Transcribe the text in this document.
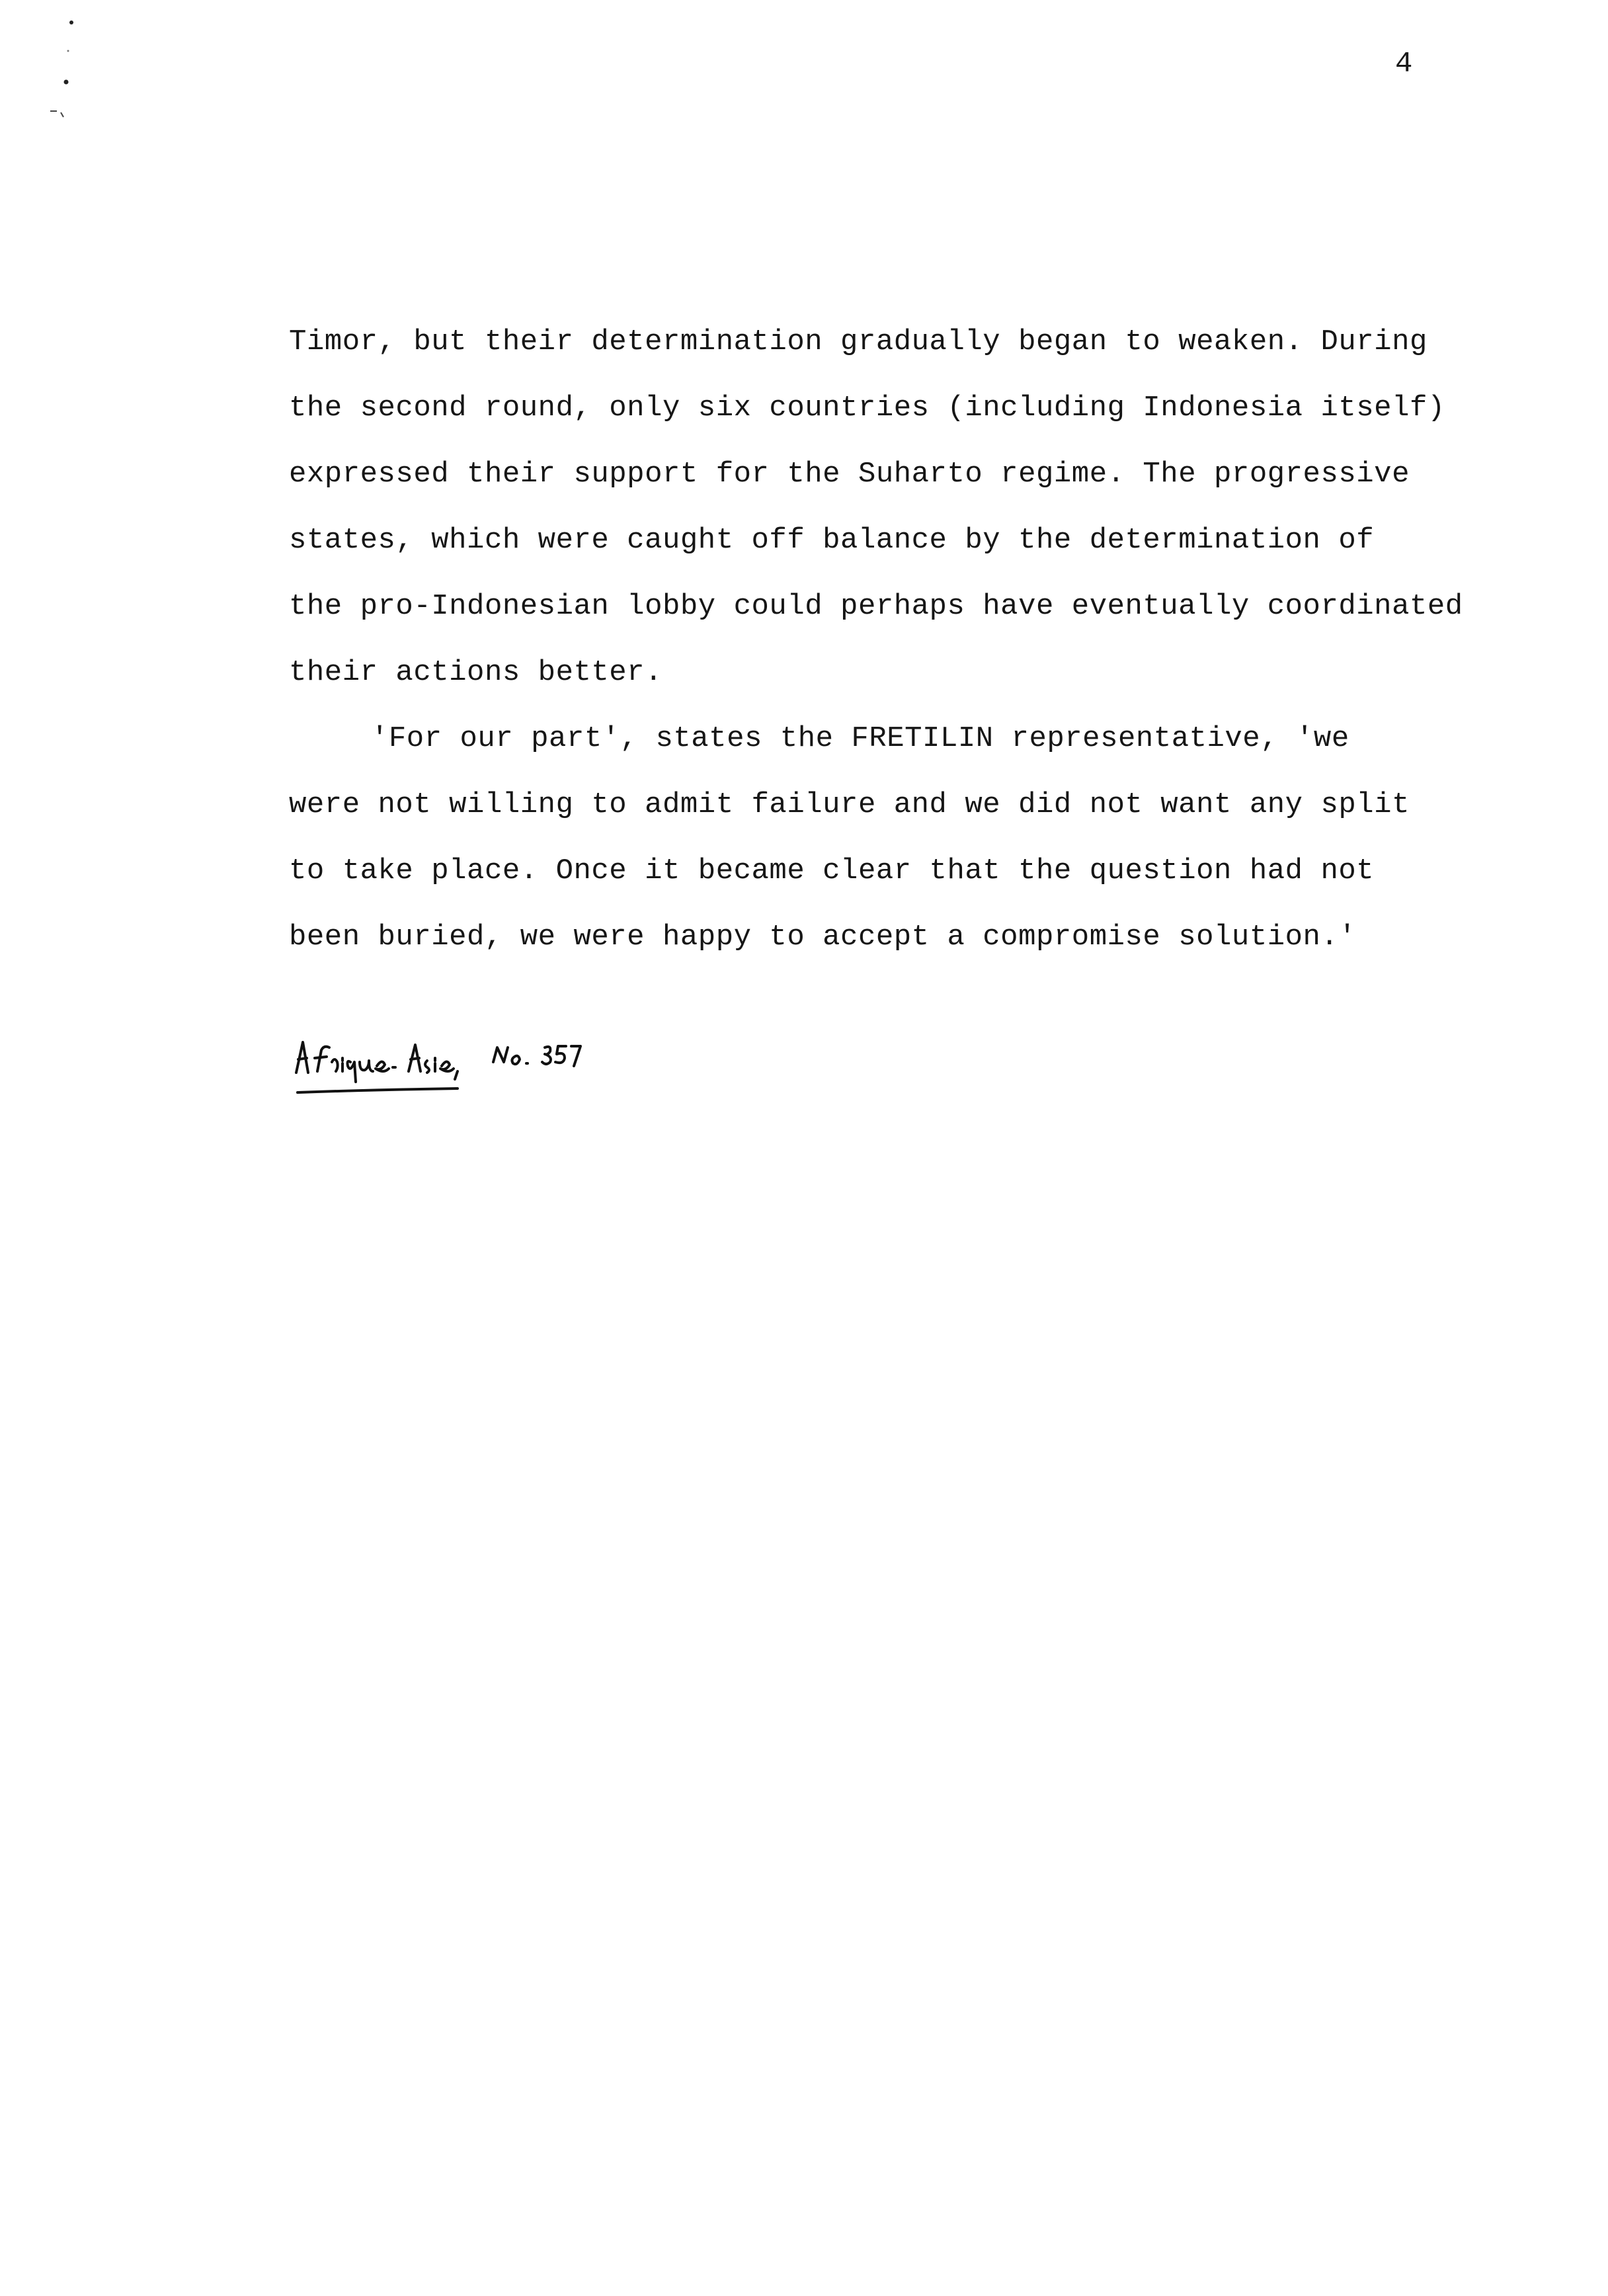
4
Timor, but their determination gradually began to weaken. During
the second round, only six countries (including Indonesia itself)
expressed their support for the Suharto regime. The progressive
states, which were caught off balance by the determination of
the pro-Indonesian lobby could perhaps have eventually coordinated
their actions better.
'For our part', states the FRETILIN representative, 'we
were not willing to admit failure and we did not want any split
to take place. Once it became clear that the question had not
been buried, we were happy to accept a compromise solution.'
